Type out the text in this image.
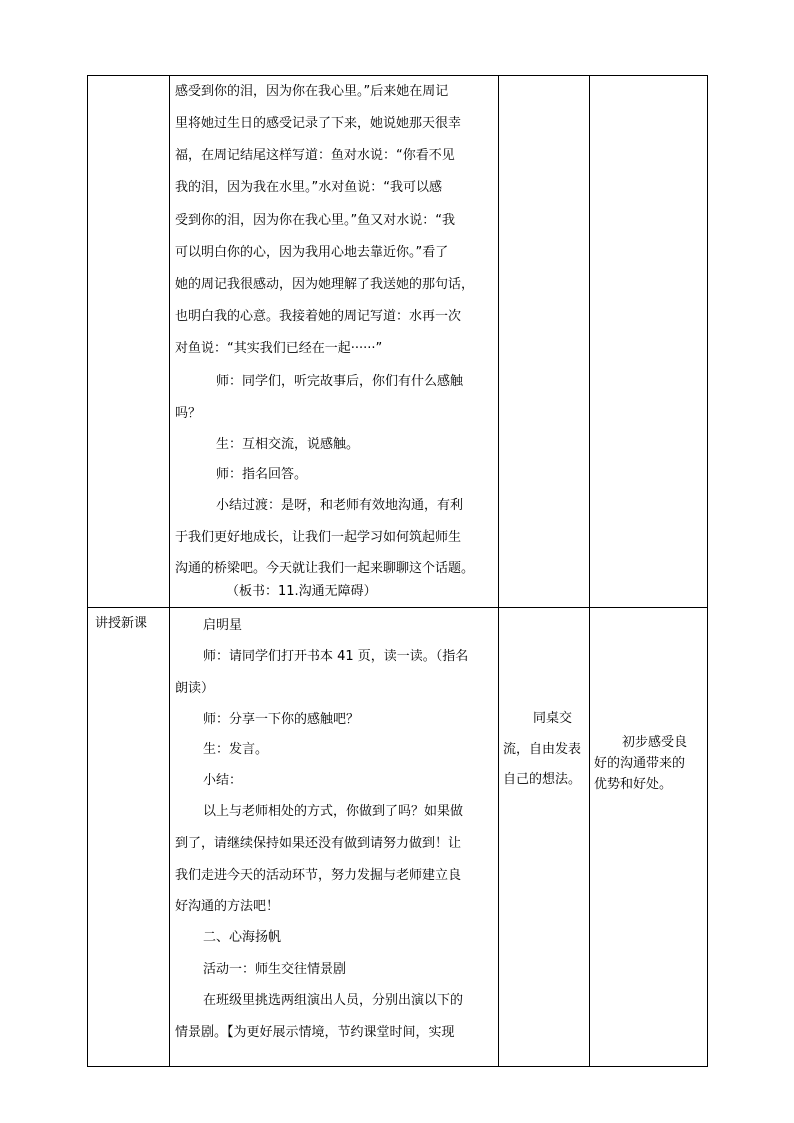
感受到你的泪，因为你在我心里。”后来她在周记
里将她过生日的感受记录了下来，她说她那天很幸
福，在周记结尾这样写道：鱼对水说：“你看不见
我的泪，因为我在水里。”水对鱼说：“我可以感
受到你的泪，因为你在我心里。”鱼又对水说：“我
可以明白你的心，因为我用心地去靠近你。”看了
她的周记我很感动，因为她理解了我送她的那句话，
也明白我的心意。我接着她的周记写道：水再一次
对鱼说：“其实我们已经在一起······”
师：同学们，听完故事后，你们有什么感触
吗？
生：互相交流，说感触。
师：指名回答。
小结过渡：是呀，和老师有效地沟通，有利
于我们更好地成长，让我们一起学习如何筑起师生
沟通的桥梁吧。今天就让我们一起来聊聊这个话题。
（板书：11.沟通无障碍）
讲授新课	启明星
师：请同学们打开书本 41 页，读一读。（指名
朗读）
师：分享一下你的感触吧？
生：发言。
小结：
以上与老师相处的方式，你做到了吗？如果做
到了，请继续保持如果还没有做到请努力做到！让
我们走进今天的活动环节，努力发掘与老师建立良
好沟通的方法吧！
二、心海扬帆
活动一：师生交往情景剧
在班级里挑选两组演出人员，分别出演以下的
情景剧。【为更好展示情境，节约课堂时间，实现
同桌交
流，自由发表
自己的想法。
初步感受良
好的沟通带来的
优势和好处。
